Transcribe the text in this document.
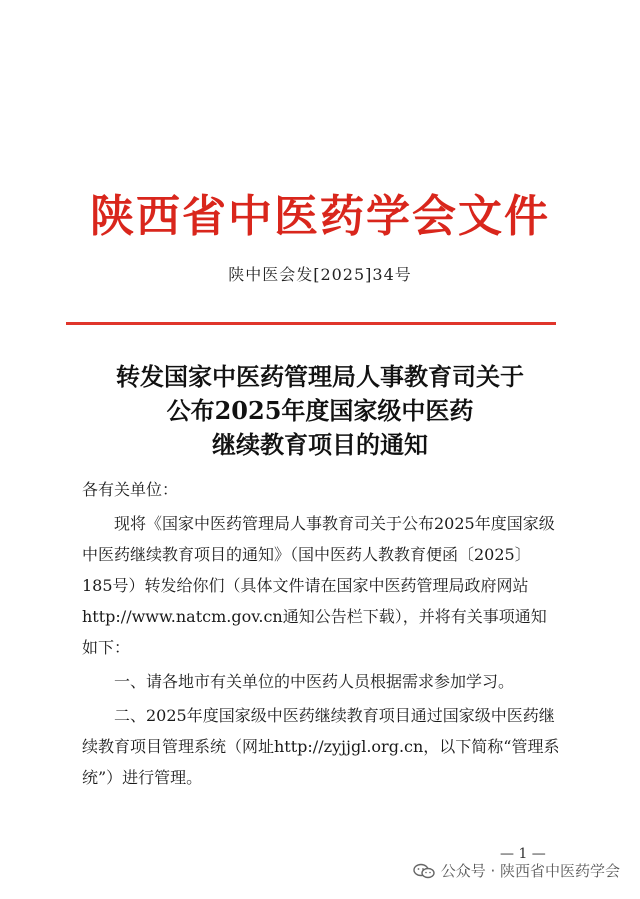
陕西省中医药学会文件
陕中医会发[2025]34号
转发国家中医药管理局人事教育司关于
公布2025年度国家级中医药
继续教育项目的通知

各有关单位：

现将《国家中医药管理局人事教育司关于公布2025年度国家级中医药继续教育项目的通知》（国中医药人教教育便函〔2025〕185号）转发给你们（具体文件请在国家中医药管理局政府网站http://www.natcm.gov.cn通知公告栏下载），并将有关事项通知如下：

一、请各地市有关单位的中医药人员根据需求参加学习。

二、2025年度国家级中医药继续教育项目通过国家级中医药继续教育项目管理系统（网址http://zyjjgl.org.cn，以下简称“管理系统”）进行管理。

— 1 —
公众号 · 陕西省中医药学会
